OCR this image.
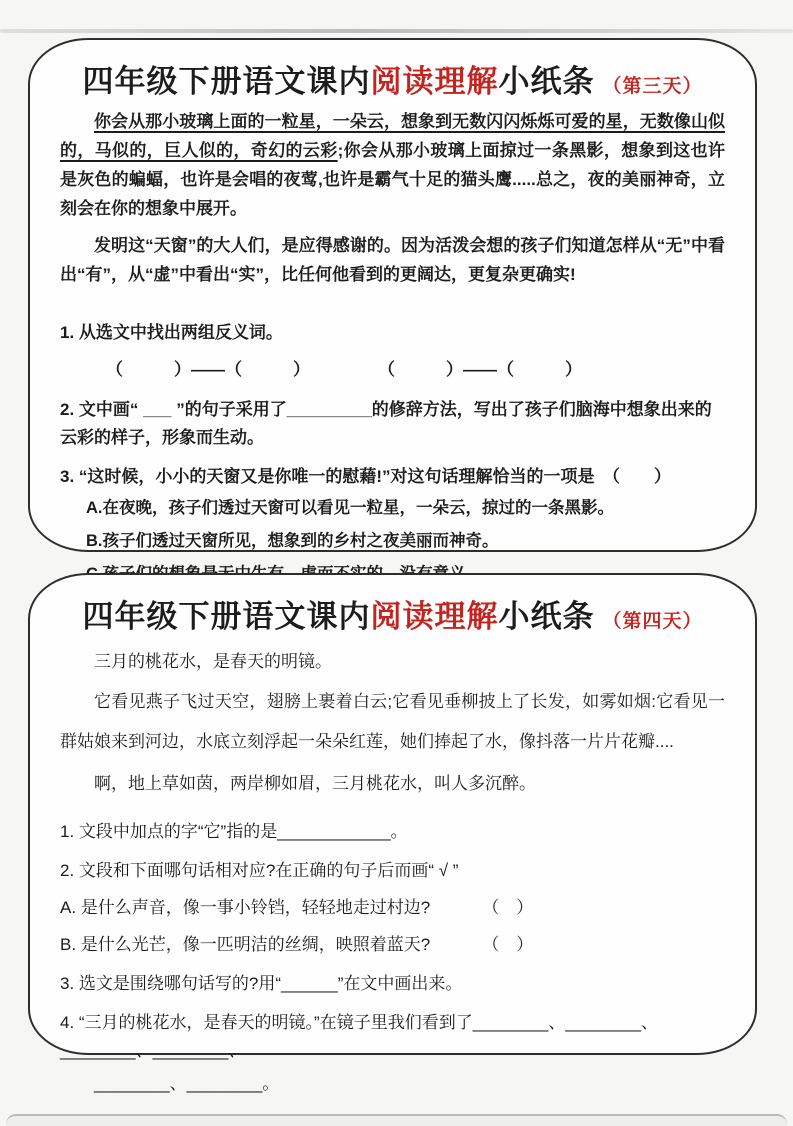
四年级下册语文课内阅读理解小纸条 （第三天）

你会从那小玻璃上面的一粒星，一朵云，想象到无数闪闪烁烁可爱的星，无数像山似的，马似的，巨人似的，奇幻的云彩;你会从那小玻璃上面掠过一条黑影，想象到这也许是灰色的蝙蝠，也许是会唱的夜莺,也许是霸气十足的猫头鹰.....总之，夜的美丽神奇，立刻会在你的想象中展开。

发明这“天窗”的大人们，是应得感谢的。因为活泼会想的孩子们知道怎样从“无”中看出“有”，从“虚”中看出“实”，比任何他看到的更阔达，更复杂更确实!

1. 从选文中找出两组反义词。

（　　　）——（　　　）　　　　　（　　　）——（　　　）

2. 文中画“ ___ ”的句子采用了_________的修辞方法，写出了孩子们脑海中想象出来的云彩的样子，形象而生动。

3. “这时候，小小的天窗又是你唯一的慰藉!”对这句话理解恰当的一项是　（　　）

A.在夜晚，孩子们透过天窗可以看见一粒星，一朵云，掠过的一条黑影。

B.孩子们透过天窗所见，想象到的乡村之夜美丽而神奇。

四年级下册语文课内阅读理解小纸条 （第四天）

三月的桃花水，是春天的明镜。

它看见燕子飞过天空，翅膀上裹着白云;它看见垂柳披上了长发，如雾如烟:它看见一群姑娘来到河边，水底立刻浮起一朵朵红莲，她们捧起了水，像抖落一片片花瓣....

啊，地上草如茵，两岸柳如眉，三月桃花水，叫人多沉醉。

1. 文段中加点的字“它”指的是____________。

2. 文段和下面哪句话相对应?在正确的句子后而画“ √ ”

A. 是什么声音，像一事小铃铛，轻轻地走过村边?	（　）
B. 是什么光芒，像一匹明洁的丝绸，映照着蓝天?	（　）

3. 选文是围绕哪句话写的?用“______”在文中画出来。

4. “三月的桃花水，是春天的明镜。”在镜子里我们看到了________、________、________、________、

________、________。
